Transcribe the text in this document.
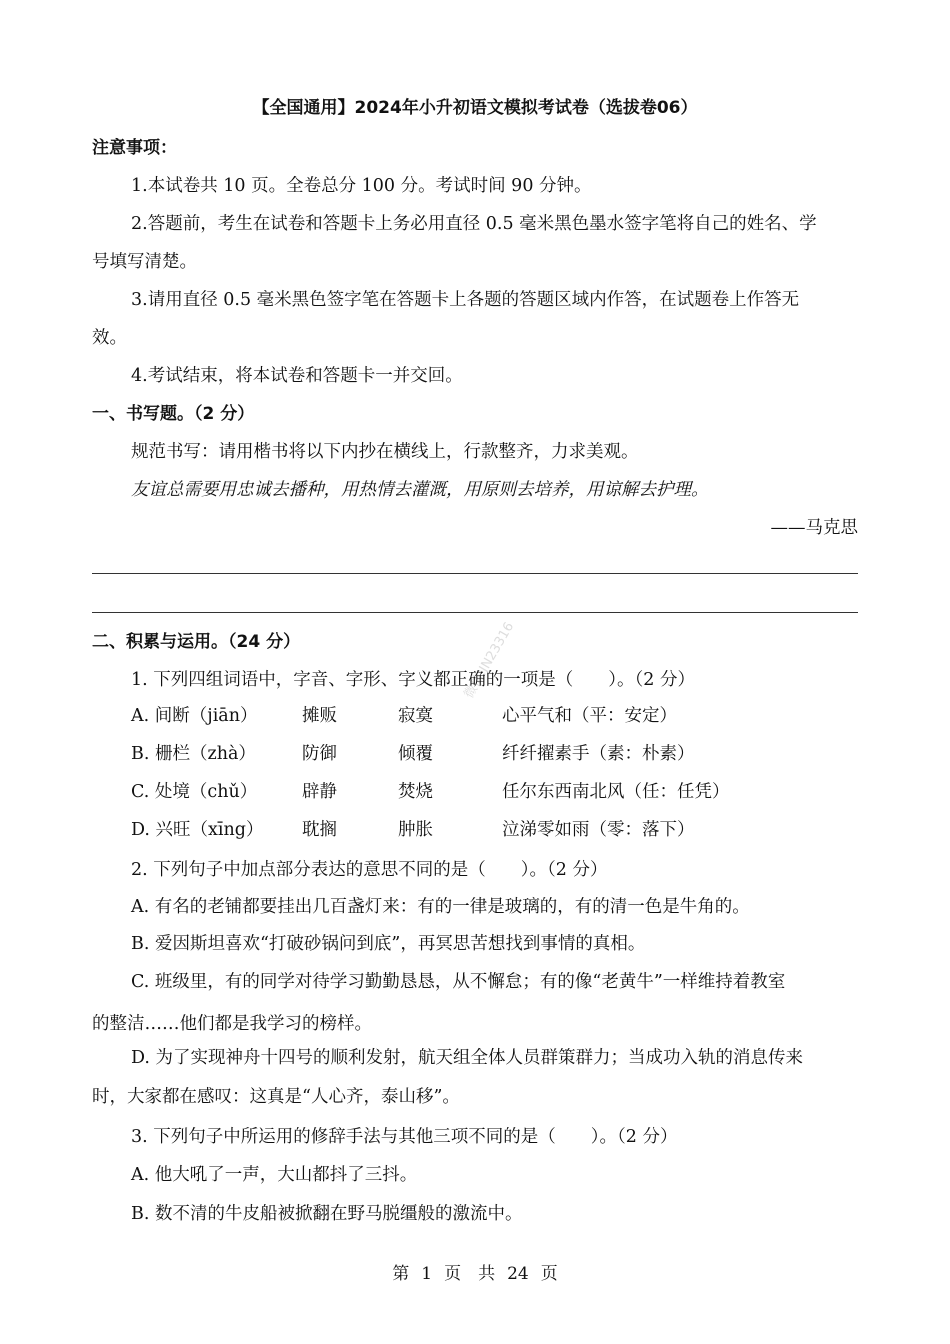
【全国通用】2024年小升初语文模拟考试卷（选拔卷06）
注意事项：
1.本试卷共 10 页。全卷总分 100 分。考试时间 90 分钟。
2.答题前，考生在试卷和答题卡上务必用直径 0.5 毫米黑色墨水签字笔将自己的姓名、学
号填写清楚。
3.请用直径 0.5 毫米黑色签字笔在答题卡上各题的答题区域内作答，在试题卷上作答无
效。
4.考试结束，将本试卷和答题卡一并交回。
一、书写题。（2 分）
规范书写：请用楷书将以下内抄在横线上，行款整齐，力求美观。
友谊总需要用忠诚去播种，用热情去灌溉，用原则去培养，用谅解去护理。
——马克思
微信:JN23316
二、积累与运用。（24 分）
1. 下列四组词语中，字音、字形、字义都正确的一项是（　　）。（2 分）
A. 间断（jiān）	摊贩	寂寞	心平气和（平：安定）
B. 栅栏（zhà）	防御	倾覆	纤纤擢素手（素：朴素）
C. 处境（chǔ）	辟静	焚烧	任尔东西南北风（任：任凭）
D. 兴旺（xīng） 耽搁	肿胀	泣涕零如雨（零：落下）
2. 下列句子中加点部分表达的意思不同的是（　　）。（2 分）
A. 有名的老铺都要挂出几百盏灯来：有的一律是玻璃的，有的清一色是牛角的。
B. 爱因斯坦喜欢“打破砂锅问到底”，再冥思苦想找到事情的真相。
C. 班级里，有的同学对待学习勤勤恳恳，从不懈怠；有的像“老黄牛”一样维持着教室
的整洁……他们都是我学习的榜样。
D. 为了实现神舟十四号的顺利发射，航天组全体人员群策群力；当成功入轨的消息传来
时，大家都在感叹：这真是“人心齐，泰山移”。
3. 下列句子中所运用的修辞手法与其他三项不同的是（　　）。（2 分）
A. 他大吼了一声，大山都抖了三抖。
B. 数不清的牛皮船被掀翻在野马脱缰般的激流中。
第 1 页　共 24 页
